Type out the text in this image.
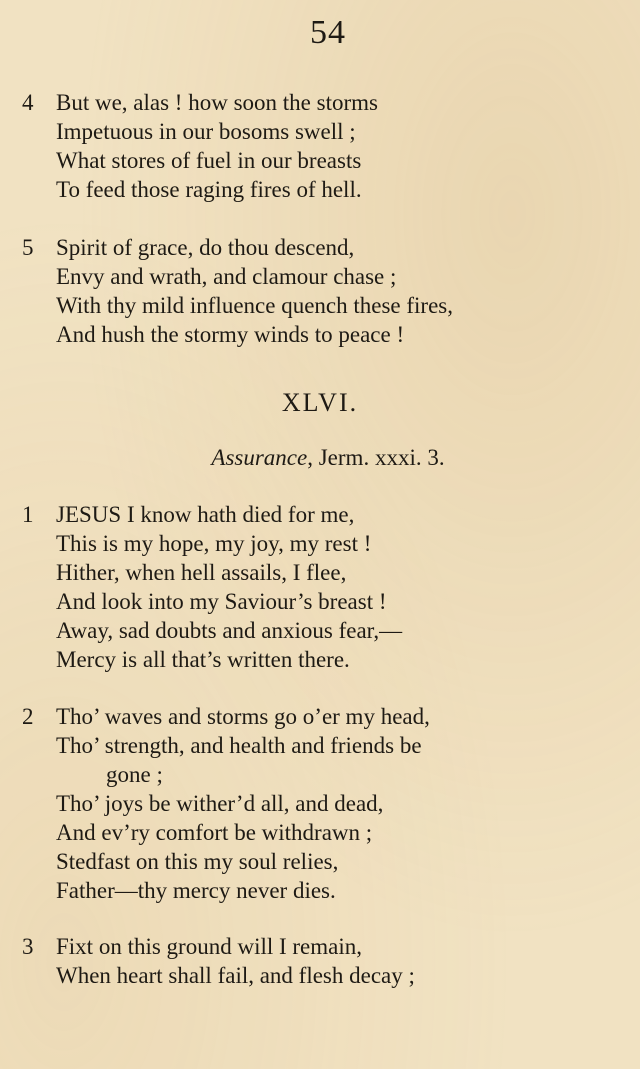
54
4 But we, alas ! how soon the storms
Impetuous in our bosoms swell ;
What stores of fuel in our breasts
To feed those raging fires of hell.
5 Spirit of grace, do thou descend,
Envy and wrath, and clamour chase ;
With thy mild influence quench these fires,
And hush the stormy winds to peace !
XLVI.
Assurance, Jerm. xxxi. 3.
1 JESUS I know hath died for me,
This is my hope, my joy, my rest !
Hither, when hell assails, I flee,
And look into my Saviour’s breast !
Away, sad doubts and anxious fear,—
Mercy is all that’s written there.
2 Tho’ waves and storms go o’er my head,
Tho’ strength, and health and friends be
gone ;
Tho’ joys be wither’d all, and dead,
And ev’ry comfort be withdrawn ;
Stedfast on this my soul relies,
Father—thy mercy never dies.
3 Fixt on this ground will I remain,
When heart shall fail, and flesh decay ;
